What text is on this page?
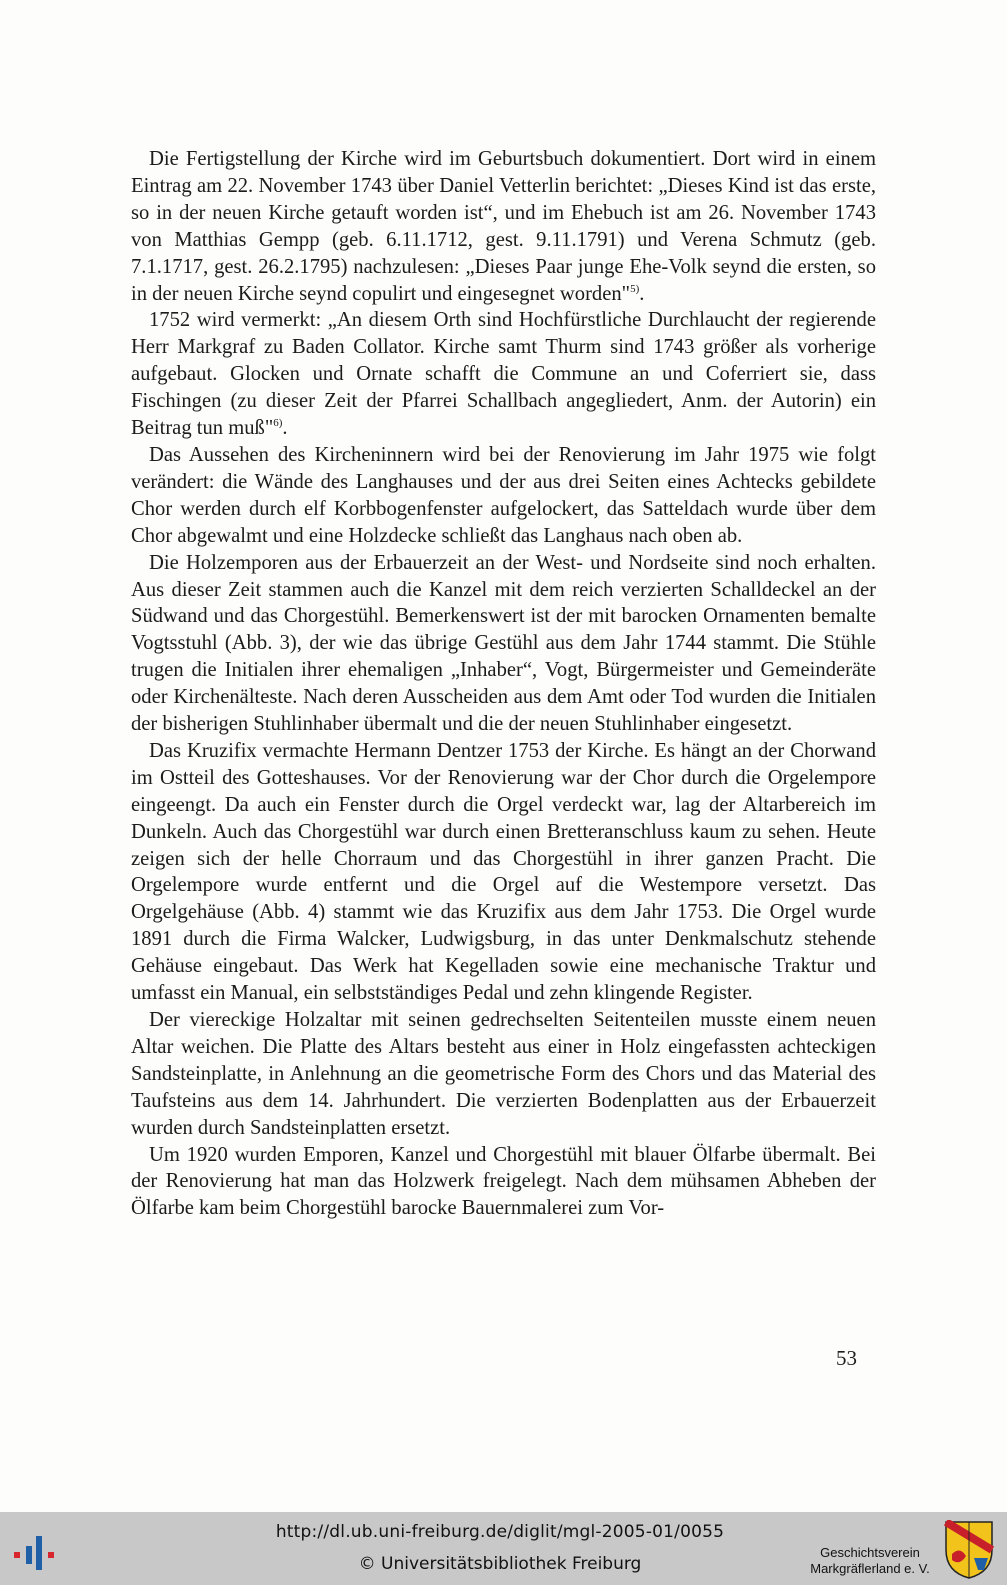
Die Fertigstellung der Kirche wird im Geburtsbuch dokumentiert. Dort wird in einem Eintrag am 22. November 1743 über Daniel Vetterlin berichtet: „Dieses Kind ist das erste, so in der neuen Kirche getauft worden ist“, und im Ehebuch ist am 26. November 1743 von Matthias Gempp (geb. 6.11.1712, gest. 9.11.1791) und Verena Schmutz (geb. 7.1.1717, gest. 26.2.1795) nachzulesen: „Dieses Paar junge Ehe-Volk seynd die ersten, so in der neuen Kirche seynd copulirt und eingesegnet worden"$^{5)}$.

1752 wird vermerkt: „An diesem Orth sind Hochfürstliche Durchlaucht der regierende Herr Markgraf zu Baden Collator. Kirche samt Thurm sind 1743 größer als vorherige aufgebaut. Glocken und Ornate schafft die Commune an und Coferriert sie, dass Fischingen (zu dieser Zeit der Pfarrei Schallbach angegliedert, Anm. der Autorin) ein Beitrag tun muß"$^{6)}$.

Das Aussehen des Kircheninnern wird bei der Renovierung im Jahr 1975 wie folgt verändert: die Wände des Langhauses und der aus drei Seiten eines Achtecks gebildete Chor werden durch elf Korbbogenfenster aufgelockert, das Satteldach wurde über dem Chor abgewalmt und eine Holzdecke schließt das Langhaus nach oben ab.

Die Holzemporen aus der Erbauerzeit an der West- und Nordseite sind noch erhalten. Aus dieser Zeit stammen auch die Kanzel mit dem reich verzierten Schalldeckel an der Südwand und das Chorgestühl. Bemerkenswert ist der mit barocken Ornamenten bemalte Vogtsstuhl (Abb. 3), der wie das übrige Gestühl aus dem Jahr 1744 stammt. Die Stühle trugen die Initialen ihrer ehemaligen „Inhaber“, Vogt, Bürgermeister und Gemeinderäte oder Kirchenälteste. Nach deren Ausscheiden aus dem Amt oder Tod wurden die Initialen der bisherigen Stuhlinhaber übermalt und die der neuen Stuhlinhaber eingesetzt.

Das Kruzifix vermachte Hermann Dentzer 1753 der Kirche. Es hängt an der Chorwand im Ostteil des Gotteshauses. Vor der Renovierung war der Chor durch die Orgelempore eingeengt. Da auch ein Fenster durch die Orgel verdeckt war, lag der Altarbereich im Dunkeln. Auch das Chorgestühl war durch einen Bretteranschluss kaum zu sehen. Heute zeigen sich der helle Chorraum und das Chorgestühl in ihrer ganzen Pracht. Die Orgelempore wurde entfernt und die Orgel auf die Westempore versetzt. Das Orgelgehäuse (Abb. 4) stammt wie das Kruzifix aus dem Jahr 1753. Die Orgel wurde 1891 durch die Firma Walcker, Ludwigsburg, in das unter Denkmalschutz stehende Gehäuse eingebaut. Das Werk hat Kegelladen sowie eine mechanische Traktur und umfasst ein Manual, ein selbstständiges Pedal und zehn klingende Register.

Der viereckige Holzaltar mit seinen gedrechselten Seitenteilen musste einem neuen Altar weichen. Die Platte des Altars besteht aus einer in Holz eingefassten achteckigen Sandsteinplatte, in Anlehnung an die geometrische Form des Chors und das Material des Taufsteins aus dem 14. Jahrhundert. Die verzierten Bodenplatten aus der Erbauerzeit wurden durch Sandsteinplatten ersetzt.

Um 1920 wurden Emporen, Kanzel und Chorgestühl mit blauer Ölfarbe übermalt. Bei der Renovierung hat man das Holzwerk freigelegt. Nach dem mühsamen Abheben der Ölfarbe kam beim Chorgestühl barocke Bauernmalerei zum Vor-

53
http://dl.ub.uni-freiburg.de/diglit/mgl-2005-01/0055
© Universitätsbibliothek Freiburg
Geschichtsverein
Markgräflerland e. V.
